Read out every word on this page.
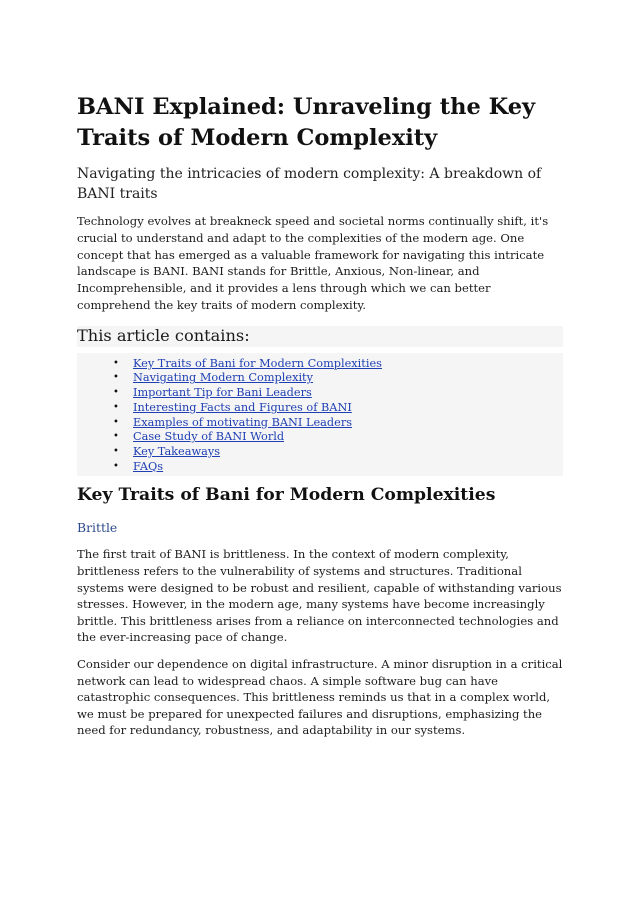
BANI Explained: Unraveling the Key Traits of Modern Complexity

Navigating the intricacies of modern complexity: A breakdown of BANI traits

Technology evolves at breakneck speed and societal norms continually shift, it's crucial to understand and adapt to the complexities of the modern age. One concept that has emerged as a valuable framework for navigating this intricate landscape is BANI. BANI stands for Brittle, Anxious, Non-linear, and Incomprehensible, and it provides a lens through which we can better comprehend the key traits of modern complexity.

This article contains:
• Key Traits of Bani for Modern Complexities
• Navigating Modern Complexity
• Important Tip for Bani Leaders
• Interesting Facts and Figures of BANI
• Examples of motivating BANI Leaders
• Case Study of BANI World
• Key Takeaways
• FAQs
Key Traits of Bani for Modern Complexities
Brittle

The first trait of BANI is brittleness. In the context of modern complexity, brittleness refers to the vulnerability of systems and structures. Traditional systems were designed to be robust and resilient, capable of withstanding various stresses. However, in the modern age, many systems have become increasingly brittle. This brittleness arises from a reliance on interconnected technologies and the ever-increasing pace of change.

Consider our dependence on digital infrastructure. A minor disruption in a critical network can lead to widespread chaos. A simple software bug can have catastrophic consequences. This brittleness reminds us that in a complex world, we must be prepared for unexpected failures and disruptions, emphasizing the need for redundancy, robustness, and adaptability in our systems.
